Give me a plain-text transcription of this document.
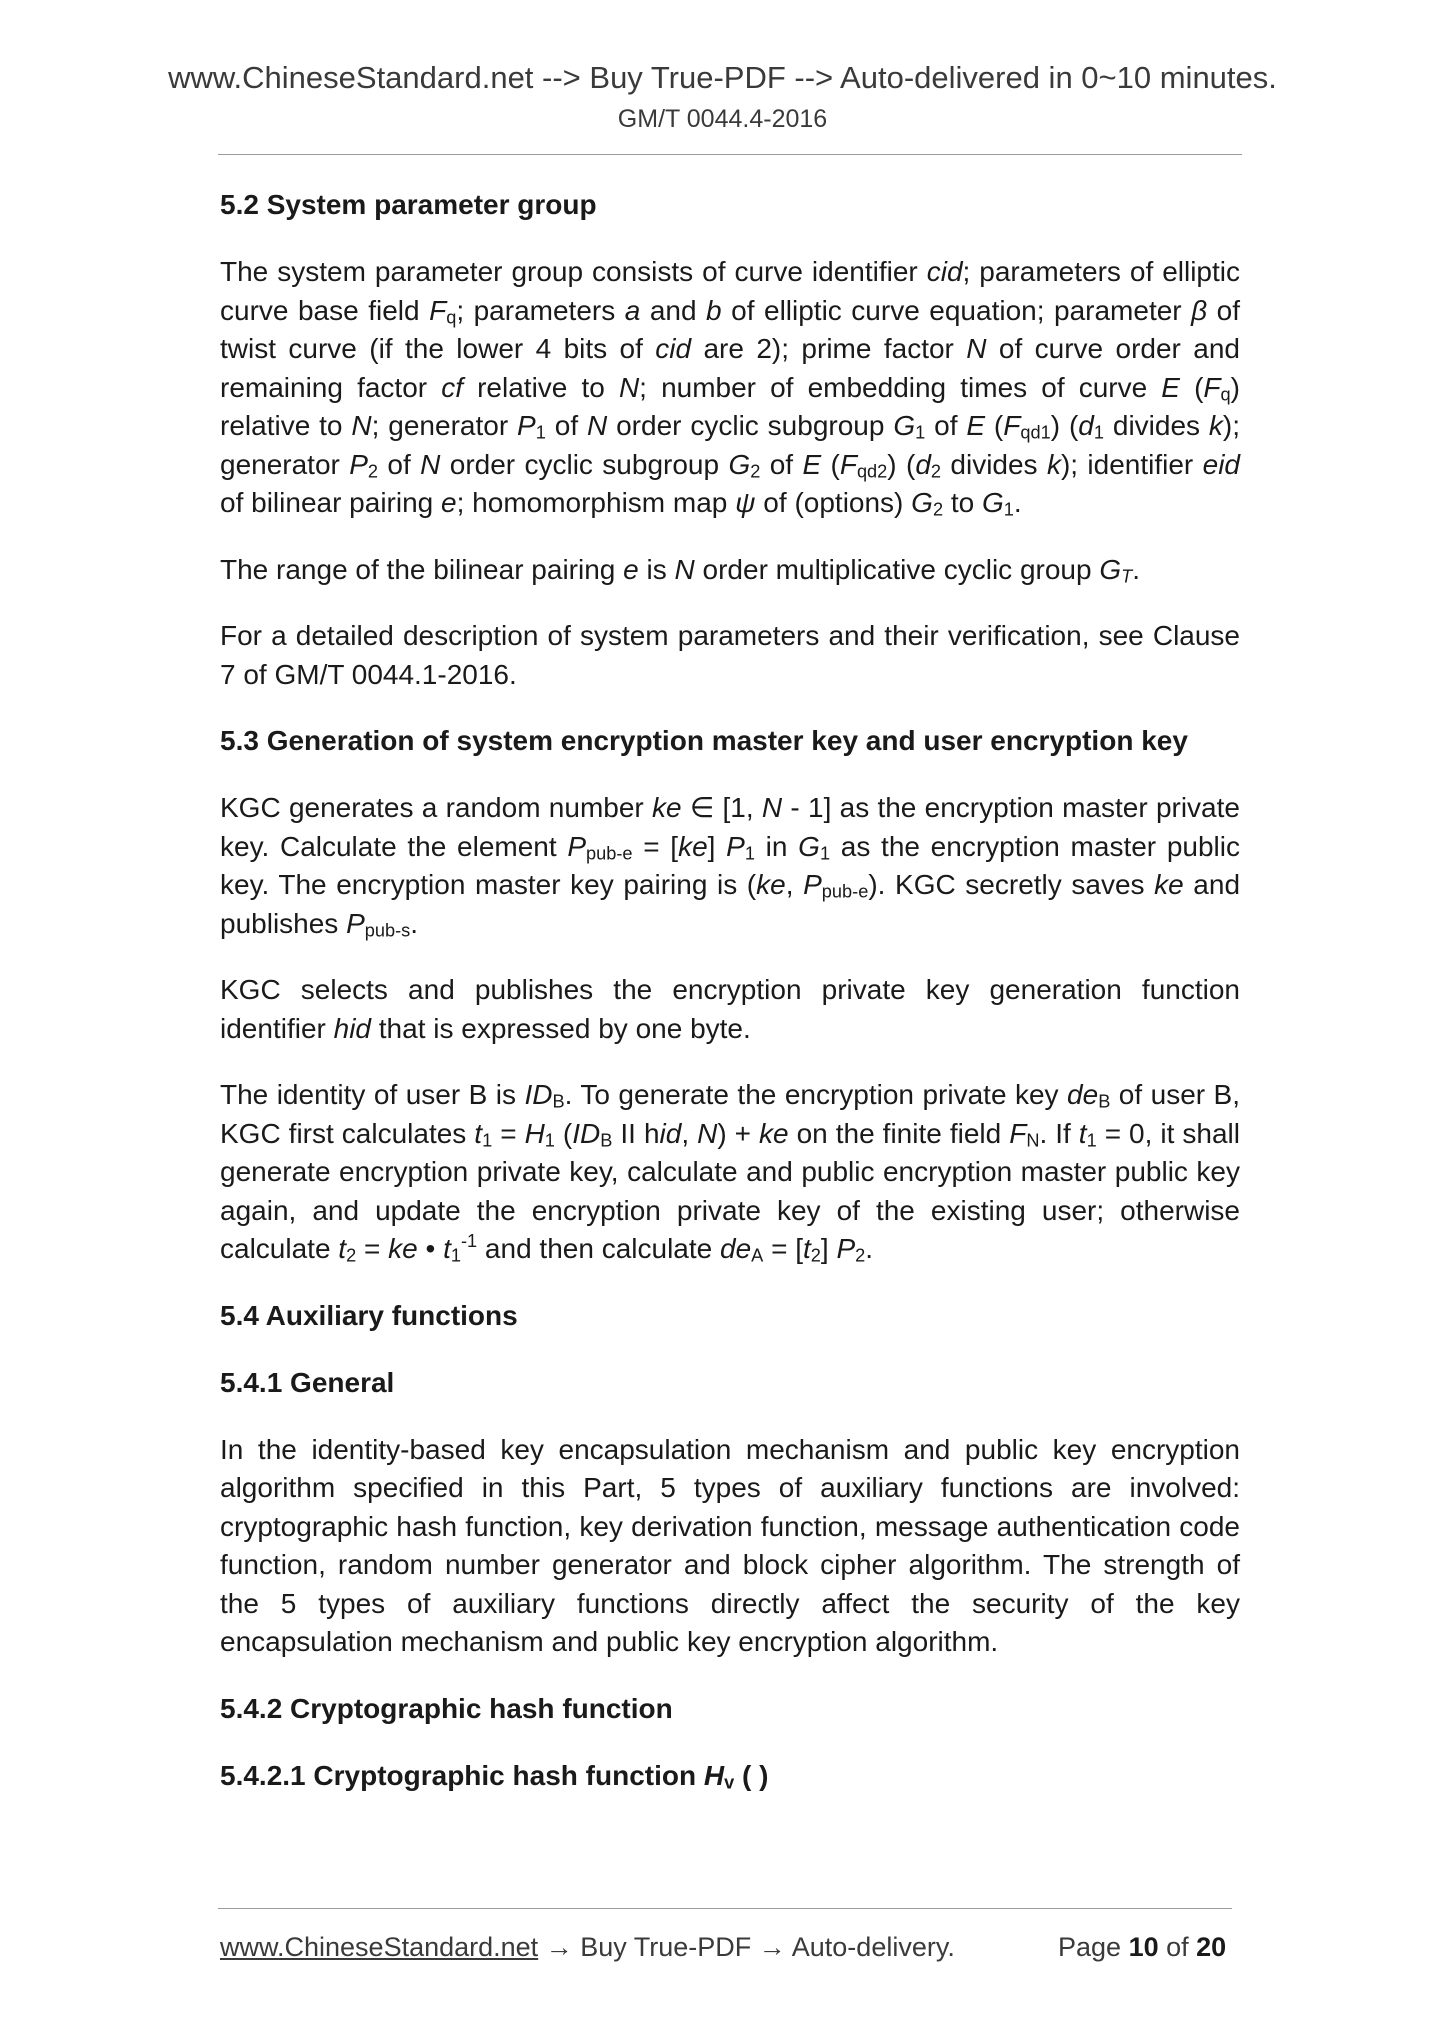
www.ChineseStandard.net --> Buy True-PDF --> Auto-delivered in 0~10 minutes.
GM/T 0044.4-2016
5.2 System parameter group

The system parameter group consists of curve identifier cid; parameters of elliptic curve base field $F_q$; parameters a and b of elliptic curve equation; parameter β of twist curve (if the lower 4 bits of cid are 2); prime factor N of curve order and remaining factor cf relative to N; number of embedding times of curve E $(F_q)$ relative to N; generator $P_1$ of N order cyclic subgroup $G_1$ of E $(F_{qd1})$ ($d_1$ divides k); generator $P_2$ of N order cyclic subgroup $G_2$ of E $(F_{qd2})$ ($d_2$ divides k); identifier eid of bilinear pairing e; homomorphism map ψ of (options) $G_2$ to $G_1$.

The range of the bilinear pairing e is N order multiplicative cyclic group $G_T$.

For a detailed description of system parameters and their verification, see Clause 7 of GM/T 0044.1-2016.

5.3 Generation of system encryption master key and user encryption key

KGC generates a random number ke ∈ [1, N - 1] as the encryption master private key. Calculate the element $P_{pub-e} = [ke]$ $P_1$ in $G_1$ as the encryption master public key. The encryption master key pairing is (ke, $P_{pub-e}$). KGC secretly saves ke and publishes $P_{pub-s}$.

KGC selects and publishes the encryption private key generation function identifier hid that is expressed by one byte.

The identity of user B is $ID_B$. To generate the encryption private key $de_B$ of user B, KGC first calculates $t_1 = H_1$ ($ID_B$ II hid, N) + ke on the finite field $F_N$. If $t_1 = 0$, it shall generate encryption private key, calculate and public encryption master public key again, and update the encryption private key of the existing user; otherwise calculate $t_2$ = ke • $t_1^{-1}$ and then calculate $de_A = [t_2]$ $P_2$.

5.4 Auxiliary functions
5.4.1 General

In the identity-based key encapsulation mechanism and public key encryption algorithm specified in this Part, 5 types of auxiliary functions are involved: cryptographic hash function, key derivation function, message authentication code function, random number generator and block cipher algorithm. The strength of the 5 types of auxiliary functions directly affect the security of the key encapsulation mechanism and public key encryption algorithm.

5.4.2 Cryptographic hash function
5.4.2.1 Cryptographic hash function $H_v$ ( )
www.ChineseStandard.net → Buy True-PDF → Auto-delivery.	Page 10 of 20
